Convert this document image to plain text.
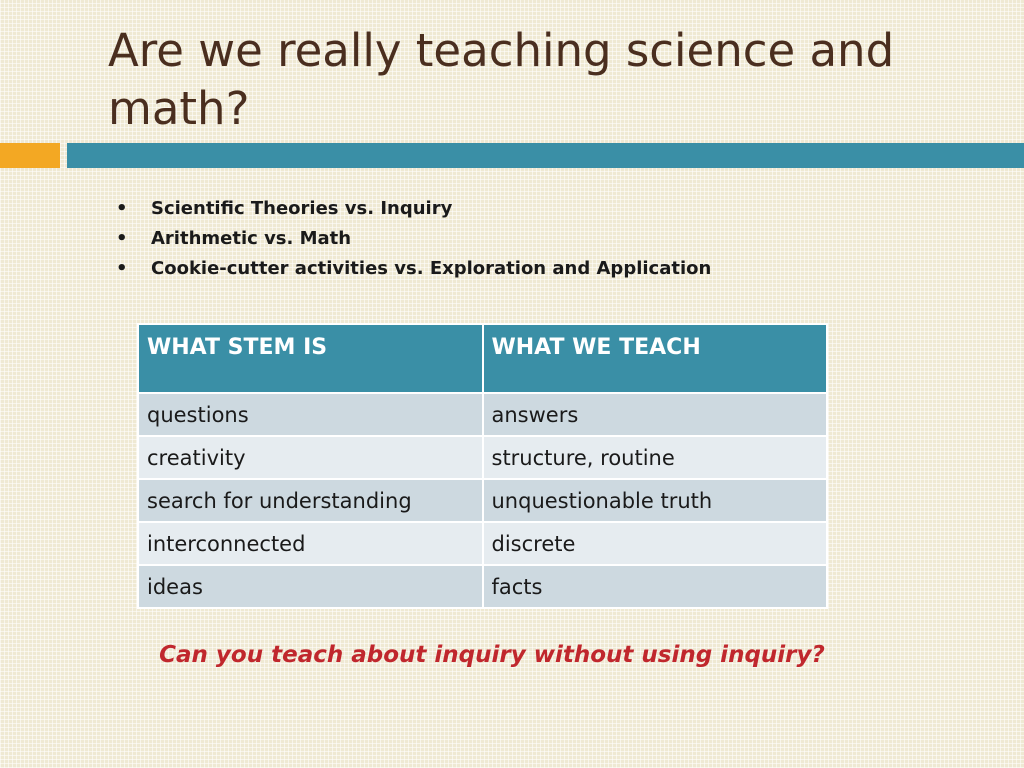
Are we really teaching science and math?
• Scientific Theories vs. Inquiry
• Arithmetic vs. Math
• Cookie-cutter activities vs. Exploration and Application
WHAT STEM IS	WHAT WE TEACH
questions	answers
creativity	structure, routine
search for understanding	unquestionable truth
interconnected	discrete
ideas	facts
Can you teach about inquiry without using inquiry?
